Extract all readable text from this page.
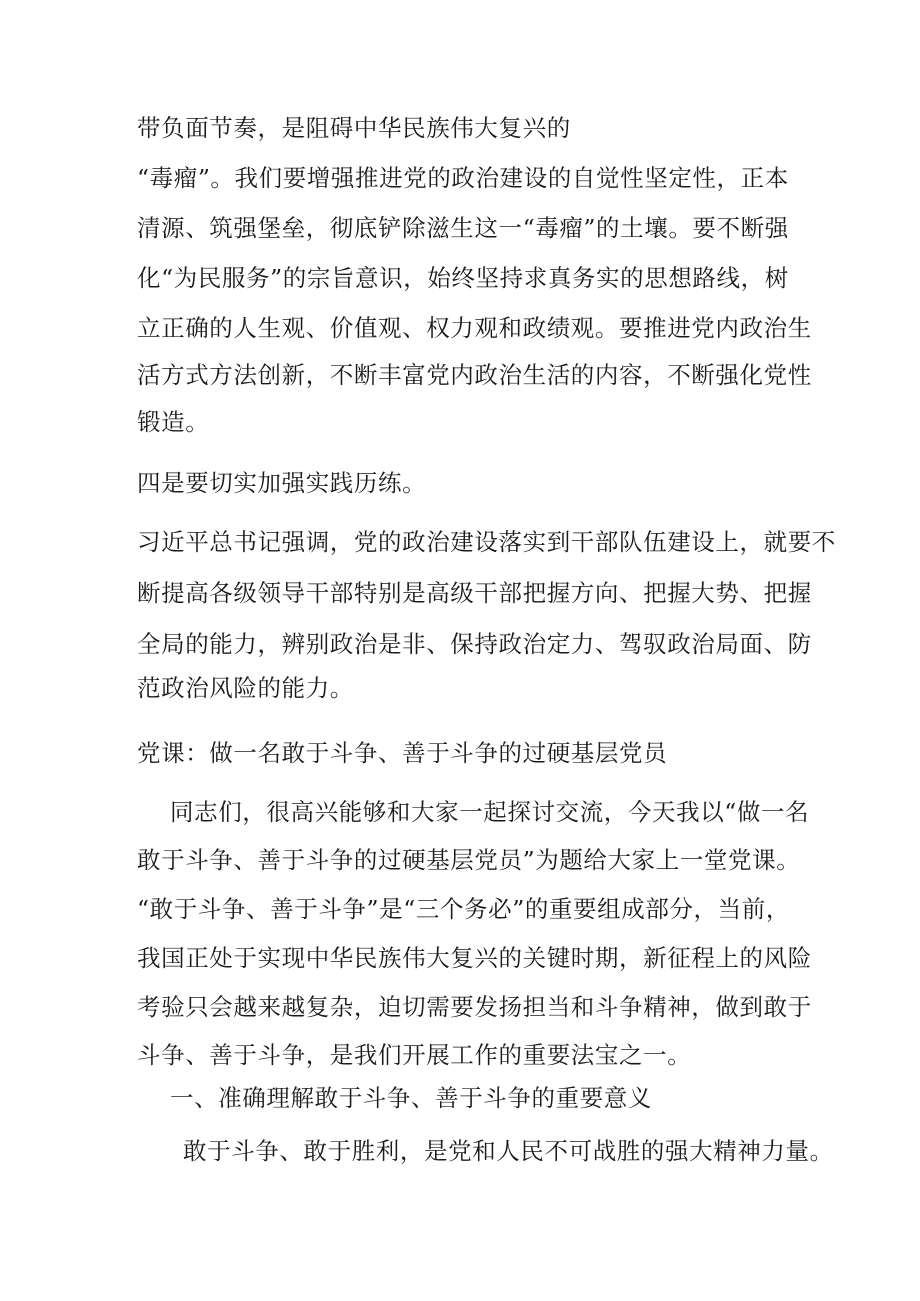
带负面节奏，是阻碍中华民族伟大复兴的
“毒瘤”。我们要增强推进党的政治建设的自觉性坚定性，正本
清源、筑强堡垒，彻底铲除滋生这一“毒瘤”的土壤。要不断强
化“为民服务”的宗旨意识，始终坚持求真务实的思想路线，树
立正确的人生观、价值观、权力观和政绩观。要推进党内政治生
活方式方法创新，不断丰富党内政治生活的内容，不断强化党性
锻造。
四是要切实加强实践历练。
习近平总书记强调，党的政治建设落实到干部队伍建设上，就要不
断提高各级领导干部特别是高级干部把握方向、把握大势、把握
全局的能力，辨别政治是非、保持政治定力、驾驭政治局面、防
范政治风险的能力。
党课：做一名敢于斗争、善于斗争的过硬基层党员
同志们，很高兴能够和大家一起探讨交流，今天我以“做一名
敢于斗争、善于斗争的过硬基层党员”为题给大家上一堂党课。
“敢于斗争、善于斗争”是“三个务必”的重要组成部分，当前，
我国正处于实现中华民族伟大复兴的关键时期，新征程上的风险
考验只会越来越复杂，迫切需要发扬担当和斗争精神，做到敢于
斗争、善于斗争，是我们开展工作的重要法宝之一。
一、准确理解敢于斗争、善于斗争的重要意义
敢于斗争、敢于胜利，是党和人民不可战胜的强大精神力量。
